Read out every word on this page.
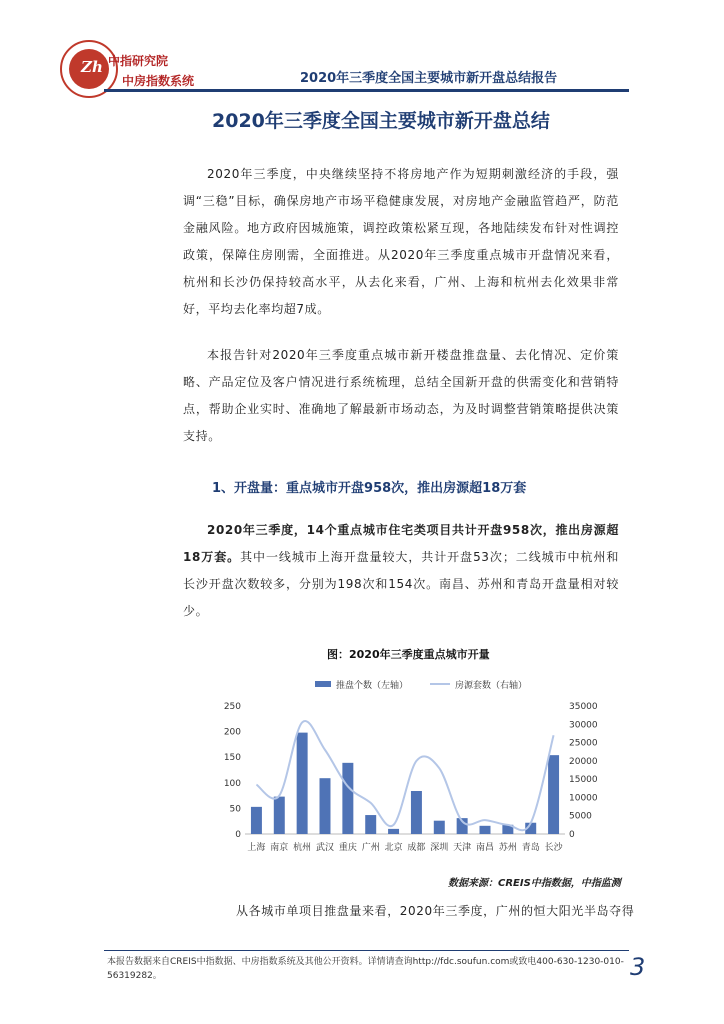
Zh 中指研究院
中房指数系统	2020年三季度全国主要城市新开盘总结报告
2020年三季度全国主要城市新开盘总结
2020年三季度，中央继续坚持不将房地产作为短期刺激经济的手段，强调“三稳”目标，确保房地产市场平稳健康发展，对房地产金融监管趋严，防范金融风险。地方政府因城施策，调控政策松紧互现，各地陆续发布针对性调控政策，保障住房刚需，全面推进。从2020年三季度重点城市开盘情况来看，杭州和长沙仍保持较高水平，从去化来看，广州、上海和杭州去化效果非常好，平均去化率均超7成。
本报告针对2020年三季度重点城市新开楼盘推盘量、去化情况、定价策略、产品定位及客户情况进行系统梳理，总结全国新开盘的供需变化和营销特点，帮助企业实时、准确地了解最新市场动态，为及时调整营销策略提供决策支持。
1、开盘量：重点城市开盘958次，推出房源超18万套
2020年三季度，14个重点城市住宅类项目共计开盘958次，推出房源超18万套。其中一线城市上海开盘量较大，共计开盘53次；二线城市中杭州和长沙开盘次数较多，分别为198次和154次。南昌、苏州和青岛开盘量相对较少。
图：2020年三季度重点城市开量
推盘个数（左轴）	房源套数（右轴）
0
50
100
150
200
250
0
5000
10000
15000
20000
25000
30000
35000
上海 南京 杭州 武汉 重庆 广州 北京 成都 深圳 天津 南昌 苏州 青岛 长沙
数据来源：CREIS中指数据，中指监测
从各城市单项目推盘量来看，2020年三季度，广州的恒大阳光半岛夺得
本报告数据来自CREIS中指数据、中房指数系统及其他公开资料。详情请查询http://fdc.soufun.com或致电400-630-1230-010-56319282。	3
